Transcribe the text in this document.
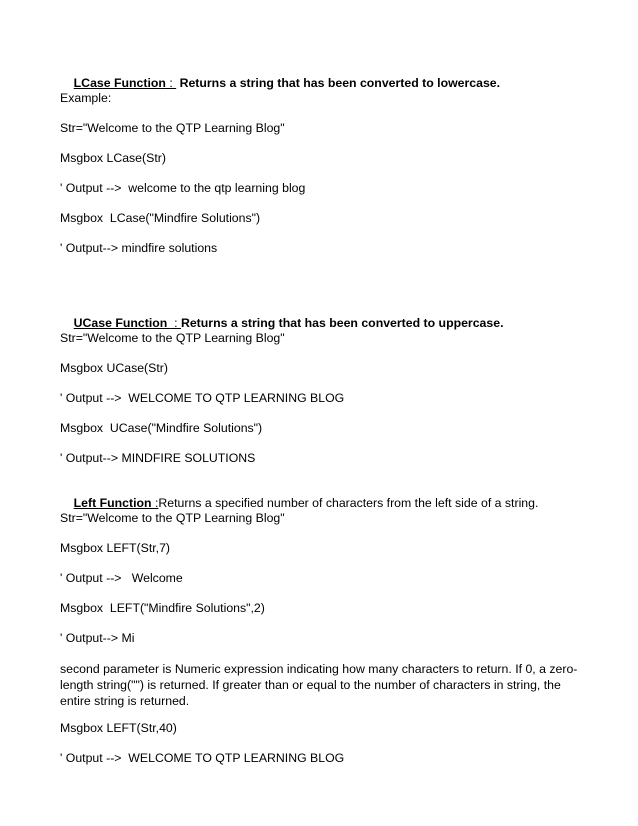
LCase Function :  Returns a string that has been converted to lowercase.

Example:
Str="Welcome to the QTP Learning Blog"
Msgbox LCase(Str)
' Output -->  welcome to the qtp learning blog
Msgbox  LCase("Mindfire Solutions")
' Output--> mindfire solutions

UCase Function  : Returns a string that has been converted to uppercase.

Str="Welcome to the QTP Learning Blog"
Msgbox UCase(Str)
' Output -->  WELCOME TO QTP LEARNING BLOG
Msgbox  UCase("Mindfire Solutions")
' Output--> MINDFIRE SOLUTIONS

Left Function :Returns a specified number of characters from the left side of a string.

Str="Welcome to the QTP Learning Blog"
Msgbox LEFT(Str,7)
' Output -->   Welcome
Msgbox  LEFT("Mindfire Solutions",2)
' Output--> Mi
second parameter is Numeric expression indicating how many characters to return. If 0, a zero-length string("") is returned. If greater than or equal to the number of characters in string, the entire string is returned.
Msgbox LEFT(Str,40)
' Output -->  WELCOME TO QTP LEARNING BLOG
